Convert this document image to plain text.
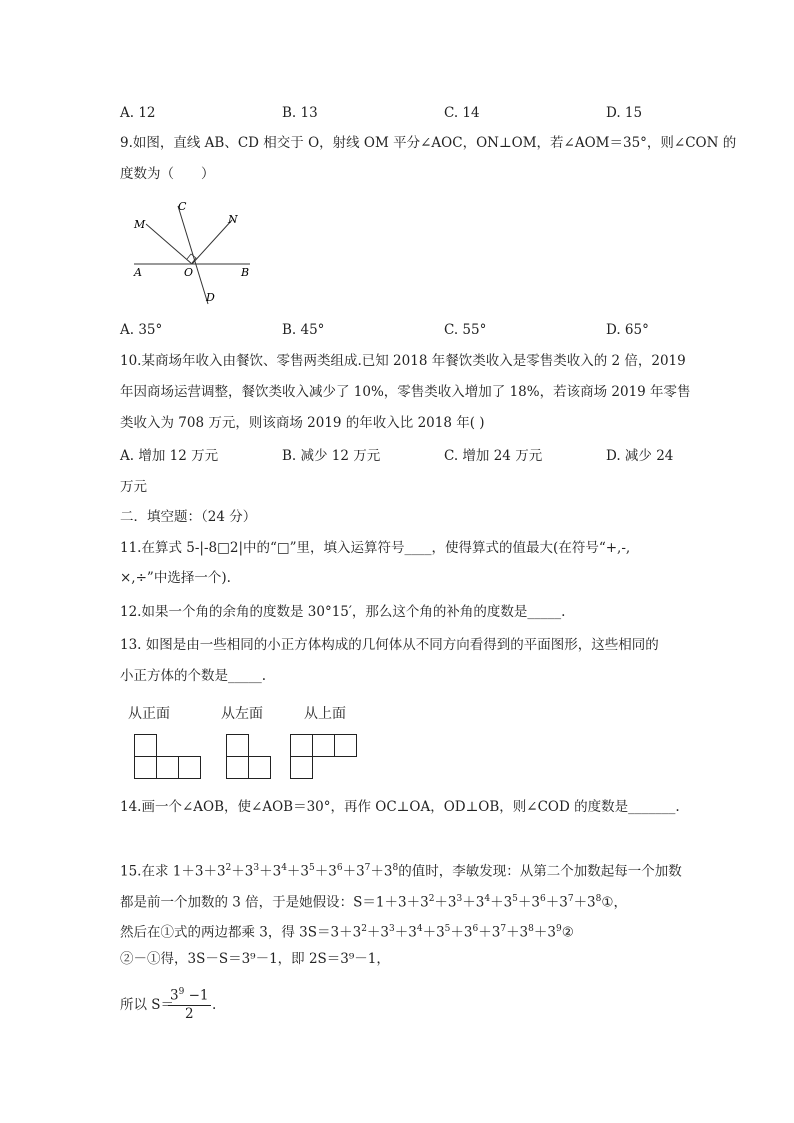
A. 12	B. 13	C. 14	D. 15
9.如图，直线 AB、CD 相交于 O，射线 OM 平分∠AOC，ON⊥OM，若∠AOM＝35°，则∠CON 的
度数为（　　）
M
C
N
A	O	B
D
A. 35°	B. 45°	C. 55°	D. 65°
10.某商场年收入由餐饮、零售两类组成.已知 2018 年餐饮类收入是零售类收入的 2 倍，2019
年因商场运营调整，餐饮类收入减少了 10%，零售类收入增加了 18%，若该商场 2019 年零售
类收入为 708 万元，则该商场 2019 的年收入比 2018 年( )
A. 增加 12 万元	B. 减少 12 万元	C. 增加 24 万元	D. 减少 24
万元
二．填空题：（24 分）
11.在算式 5-|-8□2|中的“□”里，填入运算符号____，使得算式的值最大(在符号“+,-,
×,÷”中选择一个).
12.如果一个角的余角的度数是 30°15′，那么这个角的补角的度数是_____.
13. 如图是由一些相同的小正方体构成的几何体从不同方向看得到的平面图形，这些相同的
小正方体的个数是_____.
从正面	从左面	从上面
14.画一个∠AOB，使∠AOB＝30°，再作 OC⊥OA，OD⊥OB，则∠COD 的度数是_______.
15.在求 $1+3+3^2+3^3+3^4+3^5+3^6+3^7+3^8$的值时，李敏发现：从第二个加数起每一个加数
都是前一个加数的 3 倍，于是她假设：$S=1+3+3^2+3^3+3^4+3^5+3^6+3^7+3^8①$，
然后在①式的两边都乘 3，得 $3S=3+3^2+3^3+3^4+3^5+3^6+3^7+3^8+3^9②$
②－①得，3S－S＝3⁹－1，即 2S＝3⁹－1，
所以 S＝
$\frac{3^9 -1}{2}$ .
